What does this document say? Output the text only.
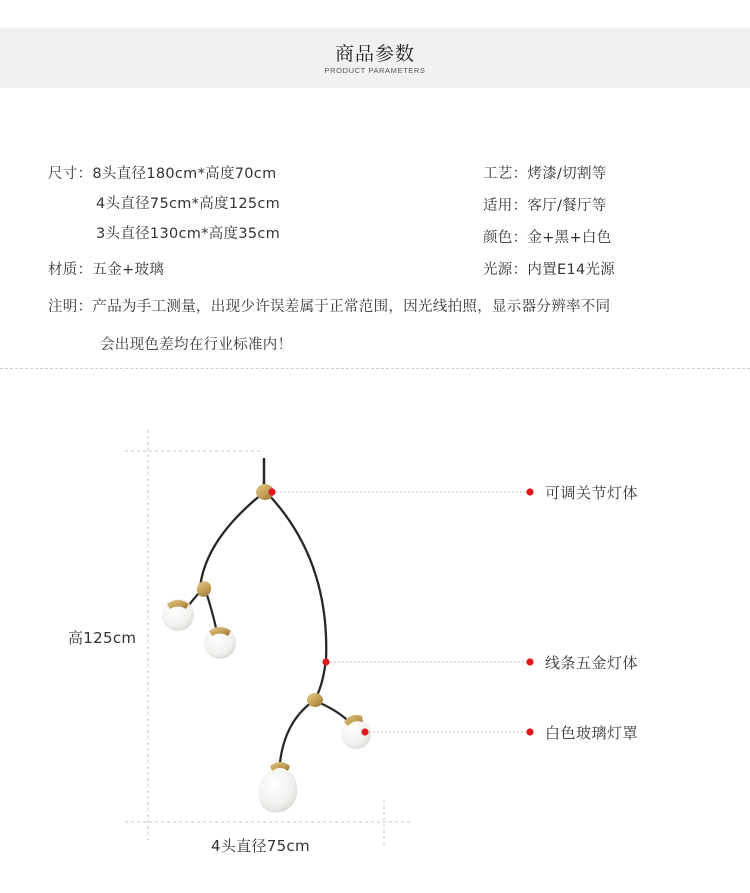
商品参数
PRODUCT PARAMETERS
尺寸：8头直径180cm*高度70cm
4头直径75cm*高度125cm
3头直径130cm*高度35cm
材质：五金+玻璃
注明：产品为手工测量，出现少许误差属于正常范围，因光线拍照，显示器分辨率不同
会出现色差均在行业标准内！
工艺：烤漆/切割等
适用：客厅/餐厅等
颜色：金+黑+白色
光源：内置E14光源
可调关节灯体
线条五金灯体
白色玻璃灯罩
高125cm
4头直径75cm
